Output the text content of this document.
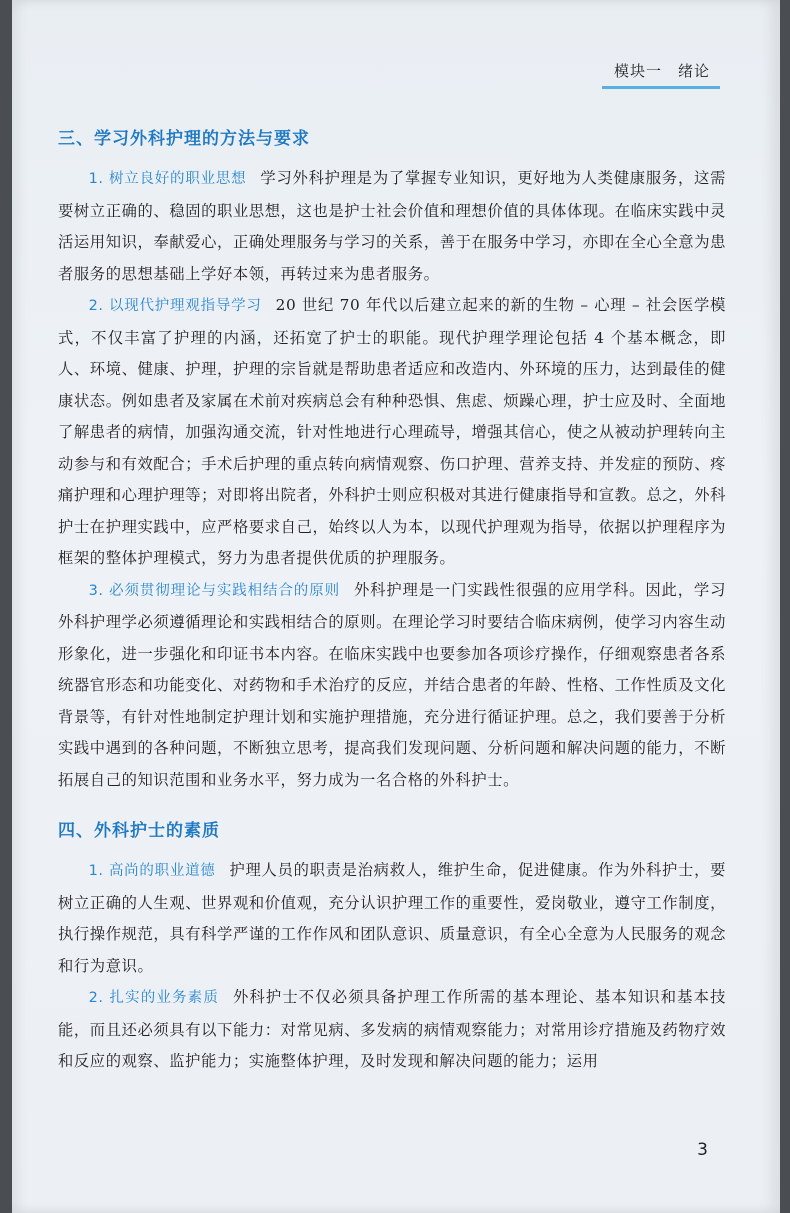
模块一　绪论
三、学习外科护理的方法与要求

1. 树立良好的职业思想 学习外科护理是为了掌握专业知识，更好地为人类健康服务，这需要树立正确的、稳固的职业思想，这也是护士社会价值和理想价值的具体体现。在临床实践中灵活运用知识，奉献爱心，正确处理服务与学习的关系，善于在服务中学习，亦即在全心全意为患者服务的思想基础上学好本领，再转过来为患者服务。

2. 以现代护理观指导学习 20 世纪 70 年代以后建立起来的新的生物 – 心理 – 社会医学模式，不仅丰富了护理的内涵，还拓宽了护士的职能。现代护理学理论包括 4 个基本概念，即人、环境、健康、护理，护理的宗旨就是帮助患者适应和改造内、外环境的压力，达到最佳的健康状态。例如患者及家属在术前对疾病总会有种种恐惧、焦虑、烦躁心理，护士应及时、全面地了解患者的病情，加强沟通交流，针对性地进行心理疏导，增强其信心，使之从被动护理转向主动参与和有效配合；手术后护理的重点转向病情观察、伤口护理、营养支持、并发症的预防、疼痛护理和心理护理等；对即将出院者，外科护士则应积极对其进行健康指导和宣教。总之，外科护士在护理实践中，应严格要求自己，始终以人为本，以现代护理观为指导，依据以护理程序为框架的整体护理模式，努力为患者提供优质的护理服务。

3. 必须贯彻理论与实践相结合的原则 外科护理是一门实践性很强的应用学科。因此，学习外科护理学必须遵循理论和实践相结合的原则。在理论学习时要结合临床病例，使学习内容生动形象化，进一步强化和印证书本内容。在临床实践中也要参加各项诊疗操作，仔细观察患者各系统器官形态和功能变化、对药物和手术治疗的反应，并结合患者的年龄、性格、工作性质及文化背景等，有针对性地制定护理计划和实施护理措施，充分进行循证护理。总之，我们要善于分析实践中遇到的各种问题，不断独立思考，提高我们发现问题、分析问题和解决问题的能力，不断拓展自己的知识范围和业务水平，努力成为一名合格的外科护士。

四、外科护士的素质

1. 高尚的职业道德 护理人员的职责是治病救人，维护生命，促进健康。作为外科护士，要树立正确的人生观、世界观和价值观，充分认识护理工作的重要性，爱岗敬业，遵守工作制度，执行操作规范，具有科学严谨的工作作风和团队意识、质量意识，有全心全意为人民服务的观念和行为意识。

2. 扎实的业务素质 外科护士不仅必须具备护理工作所需的基本理论、基本知识和基本技能，而且还必须具有以下能力：对常见病、多发病的病情观察能力；对常用诊疗措施及药物疗效和反应的观察、监护能力；实施整体护理，及时发现和解决问题的能力；运用

3
